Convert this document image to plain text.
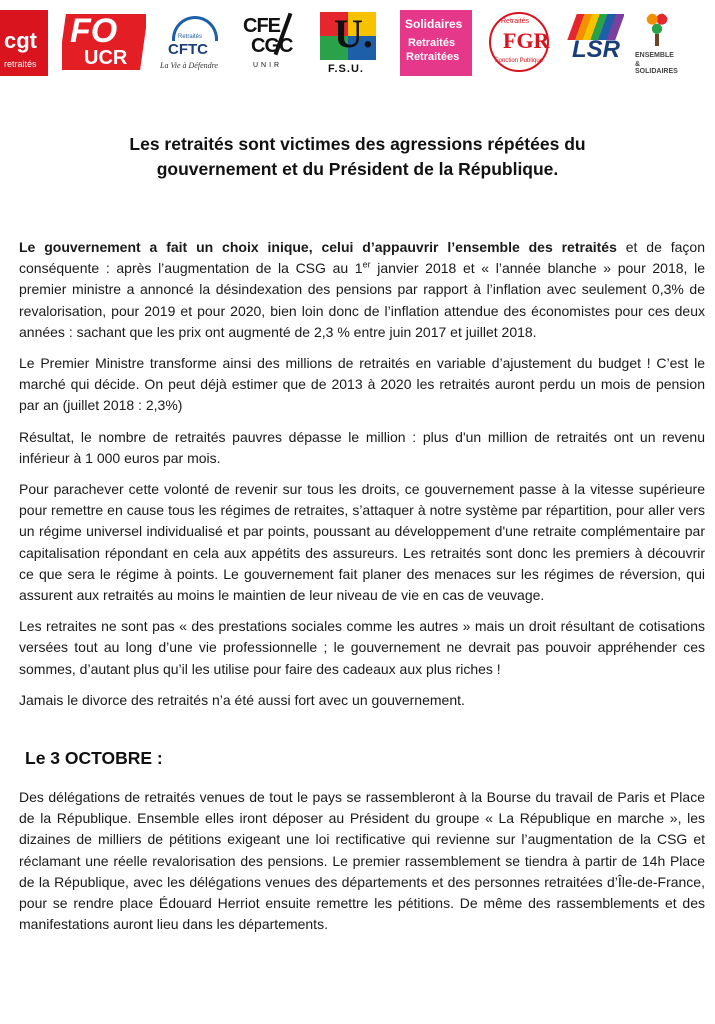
cgt
retraités
FO
UCR
Retraités
CFTC
La Vie à Défendre
CFE
CGC
UNIR
U.
F.S.U.
Solidaires
Retraités
Retraitées
Retraités
FGR
Fonction Publique LSR ENSEMBLE
& SOLIDAIRES
Les retraités sont victimes des agressions répétées du
gouvernement et du Président de la République.

Le gouvernement a fait un choix inique, celui d’appauvrir l’ensemble des retraités et de façon conséquente : après l’augmentation de la CSG au 1er janvier 2018 et « l’année blanche » pour 2018, le premier ministre a annoncé la désindexation des pensions par rapport à l’inflation avec seulement 0,3% de revalorisation, pour 2019 et pour 2020, bien loin donc de l’inflation attendue des économistes pour ces deux années : sachant que les prix ont augmenté de 2,3 % entre juin 2017 et juillet 2018.

Le Premier Ministre transforme ainsi des millions de retraités en variable d’ajustement du budget ! C’est le marché qui décide. On peut déjà estimer que de 2013 à 2020 les retraités auront perdu un mois de pension par an (juillet 2018 : 2,3%)

Résultat, le nombre de retraités pauvres dépasse le million : plus d'un million de retraités ont un revenu inférieur à 1 000 euros par mois.

Pour parachever cette volonté de revenir sur tous les droits, ce gouvernement passe à la vitesse supérieure pour remettre en cause tous les régimes de retraites, s’attaquer à notre système par répartition, pour aller vers un régime universel individualisé et par points, poussant au développement d'une retraite complémentaire par capitalisation répondant en cela aux appétits des assureurs. Les retraités sont donc les premiers à découvrir ce que sera le régime à points. Le gouvernement fait planer des menaces sur les régimes de réversion, qui assurent aux retraités au moins le maintien de leur niveau de vie en cas de veuvage.

Les retraites ne sont pas « des prestations sociales comme les autres » mais un droit résultant de cotisations versées tout au long d’une vie professionnelle ; le gouvernement ne devrait pas pouvoir appréhender ces sommes, d’autant plus qu’il les utilise pour faire des cadeaux aux plus riches !

Jamais le divorce des retraités n’a été aussi fort avec un gouvernement.

Le 3 OCTOBRE :

Des délégations de retraités venues de tout le pays se rassembleront à la Bourse du travail de Paris et Place de la République. Ensemble elles iront déposer au Président du groupe « La République en marche », les dizaines de milliers de pétitions exigeant une loi rectificative qui revienne sur l’augmentation de la CSG et réclamant une réelle revalorisation des pensions. Le premier rassemblement se tiendra à partir de 14h Place de la République, avec les délégations venues des départements et des personnes retraitées d’Île-de-France, pour se rendre place Édouard Herriot ensuite remettre les pétitions. De même des rassemblements et des manifestations auront lieu dans les départements.
